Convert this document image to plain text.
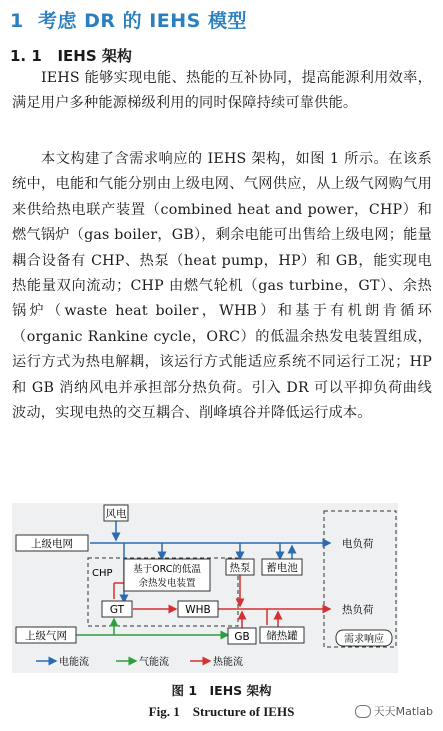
1 考虑 DR 的 IEHS 模型
1. 1 IEHS 架构
IEHS 能够实现电能、热能的互补协同，提高能源利用效率，满足用户多种能源梯级利用的同时保障持续可靠供能。
本文构建了含需求响应的 IEHS 架构，如图 1 所示。在该系统中，电能和气能分别由上级电网、气网供应，从上级气网购气用来供给热电联产装置（combined heat and power，CHP）和燃气锅炉（gas boiler，GB），剩余电能可出售给上级电网；能量耦合设备有 CHP、热泵（heat pump，HP）和 GB，能实现电热能量双向流动；CHP 由燃气轮机（gas turbine，GT）、余热锅炉（waste heat boiler，WHB）和基于有机朗肯循环（organic Rankine cycle，ORC）的低温余热发电装置组成，运行方式为热电解耦，该运行方式能适应系统不同运行工况；HP 和 GB 消纳风电并承担部分热负荷。引入 DR 可以平抑负荷曲线波动，实现电热的交互耦合、削峰填谷并降低运行成本。
风电
上级电网
CHP 基于ORC的低温
余热发电装置
GT	WHB
热泵 蓄电池
GB 储热罐
上级气网
电负荷
热负荷
需求响应
电能流	气能流	热能流
图 1　IEHS 架构
Fig. 1　Structure of IEHS	天天Matlab
